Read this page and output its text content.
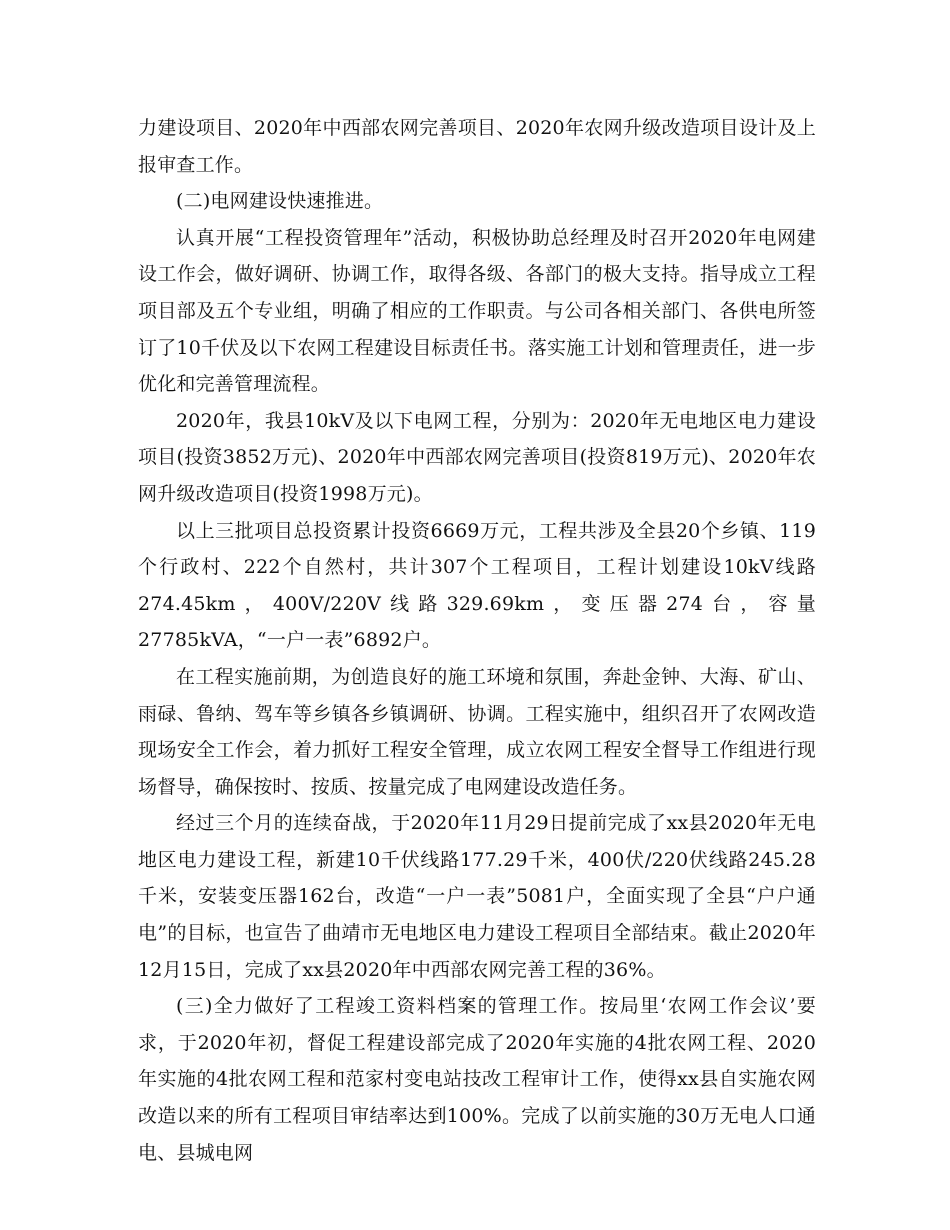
力建设项目、2020年中西部农网完善项目、2020年农网升级改造项目设计及上报审查工作。

(二)电网建设快速推进。

认真开展“工程投资管理年”活动，积极协助总经理及时召开2020年电网建设工作会，做好调研、协调工作，取得各级、各部门的极大支持。指导成立工程项目部及五个专业组，明确了相应的工作职责。与公司各相关部门、各供电所签订了10千伏及以下农网工程建设目标责任书。落实施工计划和管理责任，进一步优化和完善管理流程。

2020年，我县10kV及以下电网工程，分别为：2020年无电地区电力建设项目(投资3852万元)、2020年中西部农网完善项目(投资819万元)、2020年农网升级改造项目(投资1998万元)。

以上三批项目总投资累计投资6669万元，工程共涉及全县20个乡镇、119个行政村、222个自然村，共计307个工程项目，工程计划建设10kV线路274.45km，400V/220V线路329.69km，变压器274台，容量27785kVA，“一户一表”6892户。

在工程实施前期，为创造良好的施工环境和氛围，奔赴金钟、大海、矿山、雨碌、鲁纳、驾车等乡镇各乡镇调研、协调。工程实施中，组织召开了农网改造现场安全工作会，着力抓好工程安全管理，成立农网工程安全督导工作组进行现场督导，确保按时、按质、按量完成了电网建设改造任务。

经过三个月的连续奋战，于2020年11月29日提前完成了xx县2020年无电地区电力建设工程，新建10千伏线路177.29千米，400伏/220伏线路245.28千米，安装变压器162台，改造“一户一表”5081户，全面实现了全县“户户通电”的目标，也宣告了曲靖市无电地区电力建设工程项目全部结束。截止2020年12月15日，完成了xx县2020年中西部农网完善工程的36%。

(三)全力做好了工程竣工资料档案的管理工作。按局里‘农网工作会议’要求，于2020年初，督促工程建设部完成了2020年实施的4批农网工程、2020年实施的4批农网工程和范家村变电站技改工程审计工作，使得xx县自实施农网改造以来的所有工程项目审结率达到100%。完成了以前实施的30万无电人口通电、县城电网
